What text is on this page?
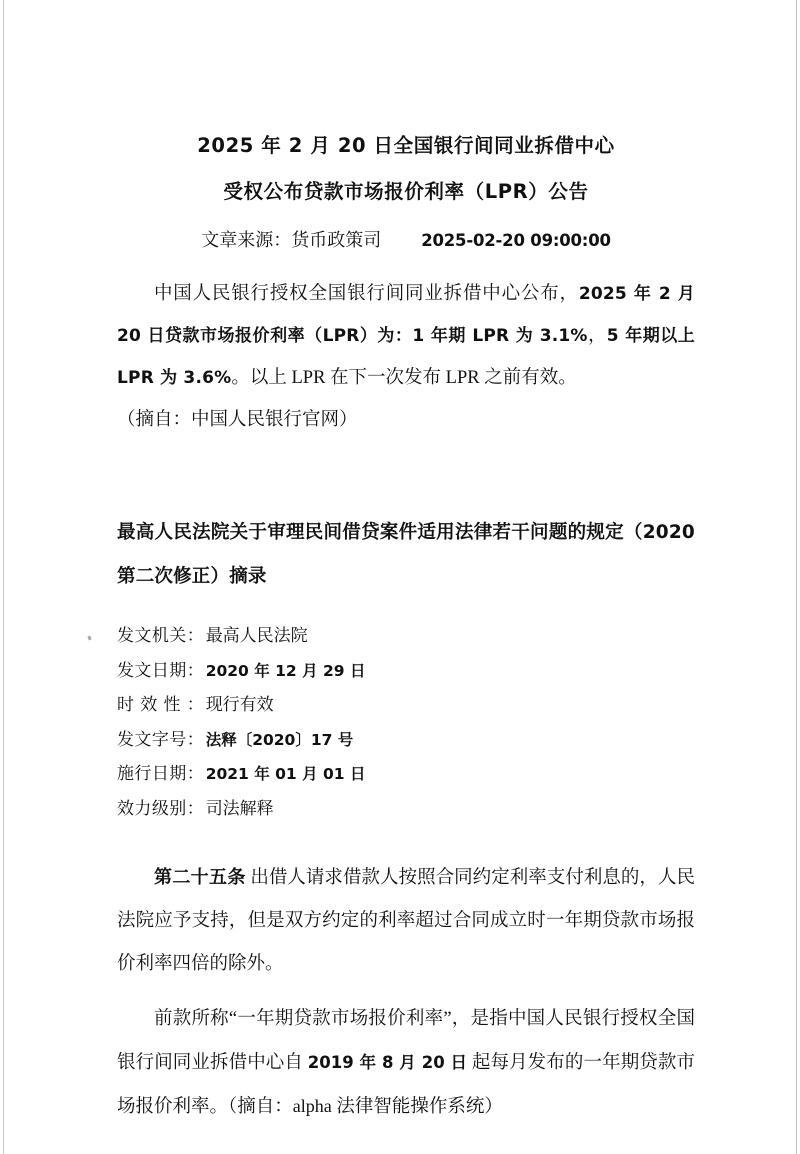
2025 年 2 月 20 日全国银行间同业拆借中心
受权公布贷款市场报价利率（LPR）公告
文章来源：货币政策司 2025-02-20 09:00:00
中国人民银行授权全国银行间同业拆借中心公布，2025 年 2 月 20 日贷款市场报价利率（LPR）为：1 年期 LPR 为 3.1%，5 年期以上 LPR 为 3.6%。以上 LPR 在下一次发布 LPR 之前有效。
（摘自：中国人民银行官网）
最高人民法院关于审理民间借贷案件适用法律若干问题的规定（2020 第二次修正）摘录
发文机关 ： 最高人民法院
发文日期 ： 2020 年 12 月 29 日
时效性 ： 现行有效
发文字号 ： 法释〔2020〕17 号
施行日期 ： 2021 年 01 月 01 日
效力级别 ： 司法解释
第二十五条 出借人请求借款人按照合同约定利率支付利息的，人民法院应予支持，但是双方约定的利率超过合同成立时一年期贷款市场报价利率四倍的除外。
前款所称“一年期贷款市场报价利率”，是指中国人民银行授权全国银行间同业拆借中心自 2019 年 8 月 20 日 起每月发布的一年期贷款市场报价利率。（摘自：alpha 法律智能操作系统）
